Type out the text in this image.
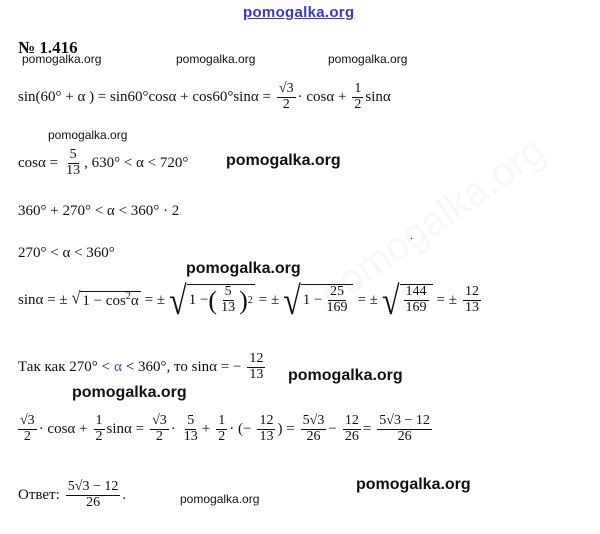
pomogalka.org
№ 1.416
pomogalka.org	pomogalka.org	pomogalka.org
sin(60° + α ) = $\sin 60^\circ\cos\alpha + \cos 60^\circ\sin\alpha = \frac{√3}{2} \cdot \cos\alpha + \frac{1}{2}$ sinα
pomogalka.org
$\cos\alpha = \frac{5}{13}$ , 630° < α < 720° pomogalka.org
360° + 270° < α < 360° · 2
.
270° < α < 360°
pomogalka.org
sinα = ± √ $1 - \cos^2\alpha$ = ± √ 1 − ( $\frac{5}{13}$ ) 2 = ± √ $1 - \frac{25}{169}$ = ± √ $\frac{144}{169}$ = ± $\frac{12}{13}$
Так как 270° < α < 360°, то sinα = − $\frac{12}{13}$ pomogalka.org
pomogalka.org
$\frac{√3}{2} \cdot \cos\alpha + \frac{1}{2}$ $\sin\alpha = \frac{√3}{2} \cdot \frac{5}{13} + \frac{1}{2}$ · (− $\frac{12}{13}$ ) = $\frac{5√3}{26} - \frac{12}{26} = \frac{5√3 - 12}{26}$
pomogalka.org
Ответ: $\frac{5√3 - 12}{26}$ .	pomogalka.org
